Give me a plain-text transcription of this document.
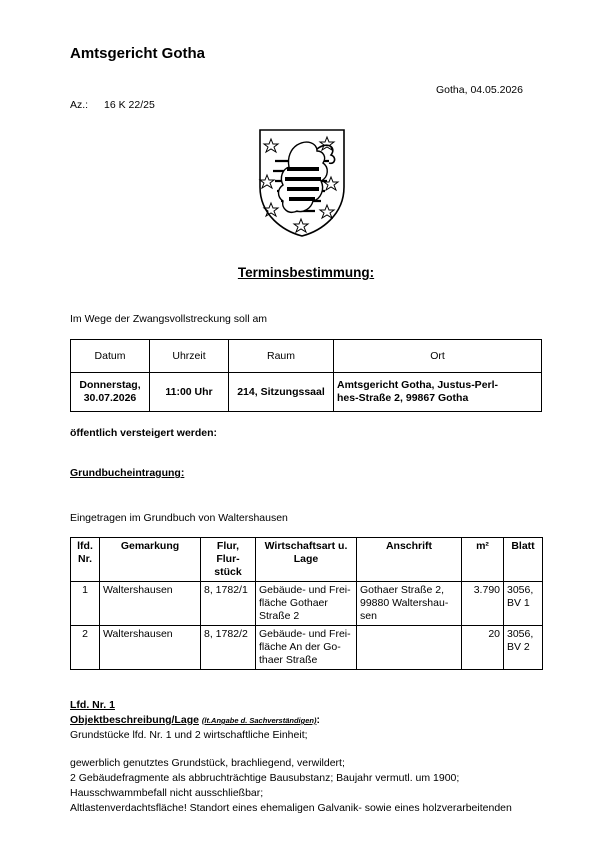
Amtsgericht Gotha
Gotha, 04.05.2026
Az.: 16 K 22/25
Terminsbestimmung:
Im Wege der Zwangsvollstreckung soll am
Datum	Uhrzeit	Raum	Ort
Donnerstag,
30.07.2026	11:00 Uhr	214, Sitzungssaal	Amtsgericht Gotha, Justus-Perl-
hes-Straße 2, 99867 Gotha
öffentlich versteigert werden:
Grundbucheintragung:
Eingetragen im Grundbuch von Waltershausen
lfd.
Nr.	Gemarkung	Flur, Flur-
stück	Wirtschaftsart u.
Lage	Anschrift	m²	Blatt
1	Waltershausen	8, 1782/1	Gebäude- und Frei-
fläche Gothaer
Straße 2	Gothaer Straße 2,
99880 Waltershau-
sen	3.790	3056,
BV 1
2	Waltershausen	8, 1782/2	Gebäude- und Frei-
fläche An der Go-
thaer Straße		20	3056,
BV 2
Lfd. Nr. 1
Objektbeschreibung/Lage (lt.Angabe d. Sachverständigen):
Grundstücke lfd. Nr. 1 und 2 wirtschaftliche Einheit;
gewerblich genutztes Grundstück, brachliegend, verwildert;
2 Gebäudefragmente als abbruchträchtige Bausubstanz; Baujahr vermutl. um 1900;
Hausschwammbefall nicht ausschließbar;
Altlastenverdachtsfläche! Standort eines ehemaligen Galvanik- sowie eines holzverarbeitenden
